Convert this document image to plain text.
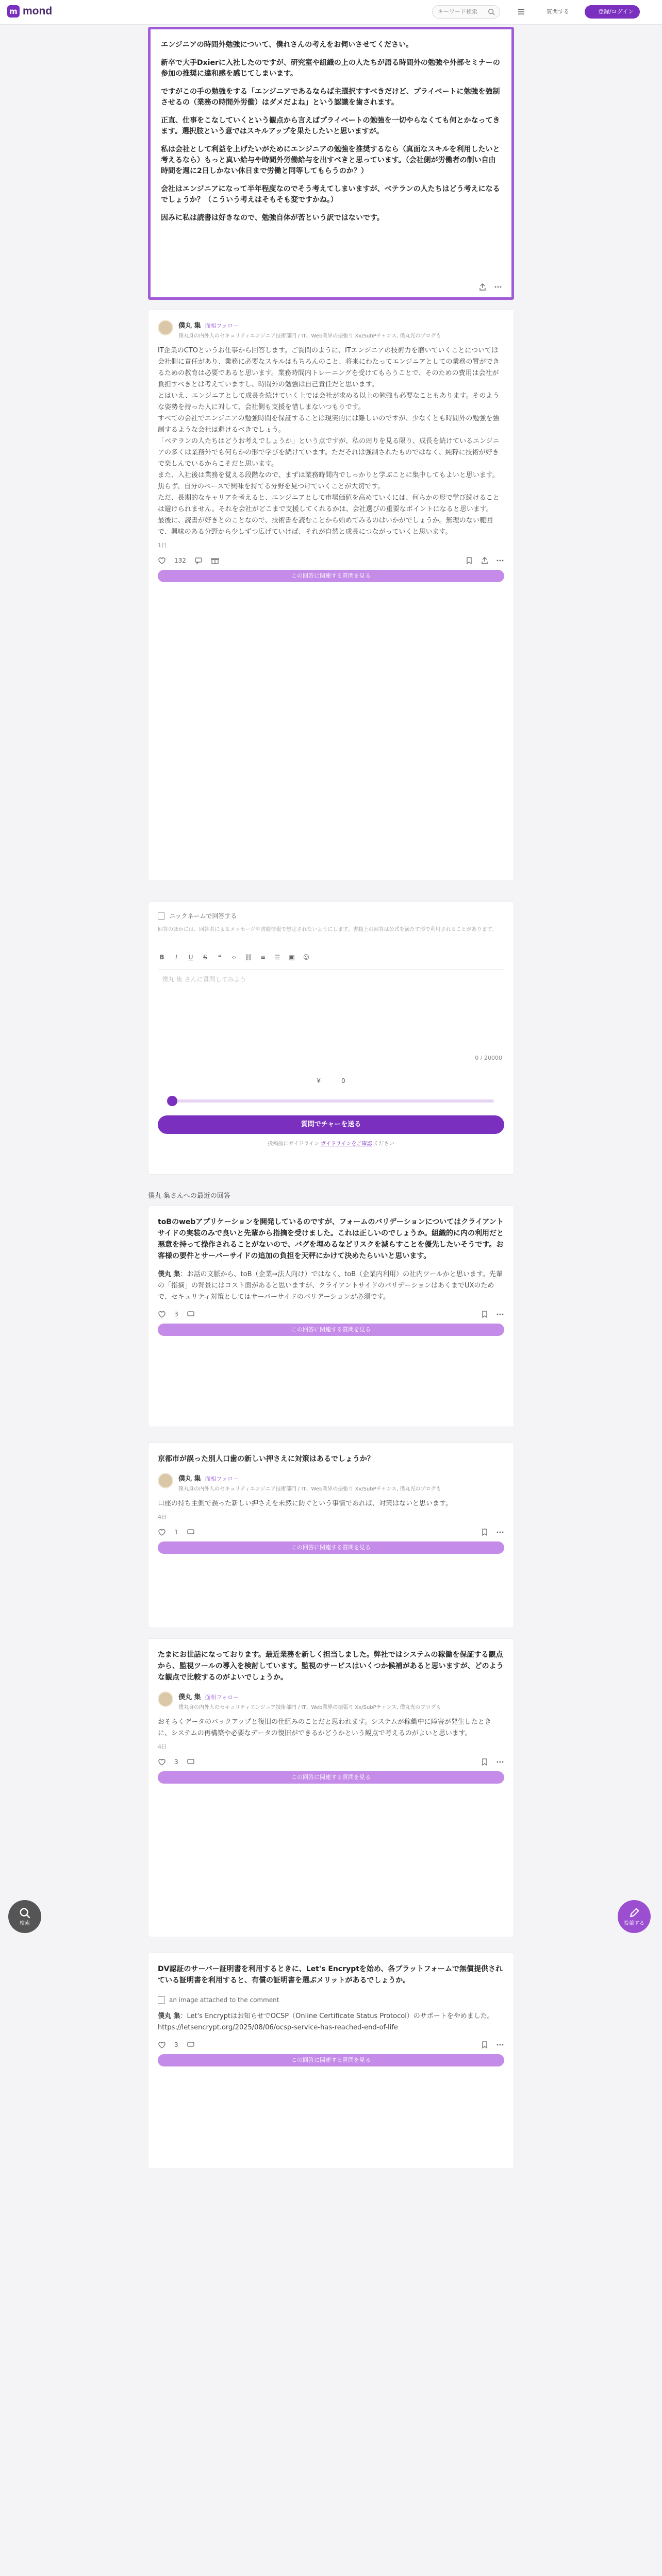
m mond	キーワード検索	質問する	登録/ログイン
エンジニアの時間外勉強について、僕れさんの考えをお伺いさせてください。
新卒で大手Dxierに入社したのですが、研究室や組織の上の人たちが語る時間外の勉強や外部セミナーの参加の推奨に違和感を感じてしまいます。
ですがこの手の勉強をする「エンジニアであるならば主選択すすべきだけど、プライベートに勉強を強制させるの（業務の時間外労働）はダメだよね」という認識を歯されます。
正直、仕事をこなしていくという観点から言えばプライベートの勉強を一切やらなくても何とかなってきます。選択肢という意ではスキルアップを果たしたいと思いますが。
私は会社として利益を上げたいがためにエンジニアの勉強を推奨するなら（真面なスキルを利用したいと考えるなら）もっと真い給与や時間外労働給与を出すべきと思っています。（会社側が労働者の制い自由時間を週に2日しかない休日まで労働と同等してもらうのか？）
会社はエンジニアになって半年程度なのでそう考えてしまいますが、ベテランの人たちはどう考えになるでしょうか？（こういう考えはそもそも変ですかね。）
因みに私は読書は好きなので、勉強自体が苦という訳ではないです。
僕丸 集 面相フォロー
僕丸身の内外人のセキュリティエンジニア技術部門 / IT、Web業界の振張り Xx/SubPチャンス, 僕丸光のブログも

IT企業のCTOというお仕事から回答します。ご質問のように、ITエンジニアの技術力を磨いていくことについては会社側に責任があり、業務に必要なスキルはもちろんのこと、将来にわたってエンジニアとしての業務の質ができるための教育は必要であると思います。業務時間内トレーニングを受けてもらうことで、そのための費用は会社が負担すべきとは考えていますし、時間外の勉強は自己責任だと思います。

とはいえ、エンジニアとして成長を続けていく上では会社が求める以上の勉強も必要なこともあります。そのような姿勢を持った人に対して、会社側も支援を惜しまないつもりです。

すべての会社でエンジニアの勉強時間を保証することは現実的には難しいのですが、少なくとも時間外の勉強を強制するような会社は避けるべきでしょう。

「ベテランの人たちはどうお考えでしょうか」という点ですが、私の周りを見る限り、成長を続けているエンジニアの多くは業務外でも何らかの形で学びを続けています。ただそれは強制されたものではなく、純粋に技術が好きで楽しんでいるからこそだと思います。

また、入社後は業務を覚える段階なので、まずは業務時間内でしっかりと学ぶことに集中してもよいと思います。焦らず、自分のペースで興味を持てる分野を見つけていくことが大切です。

ただ、長期的なキャリアを考えると、エンジニアとして市場価値を高めていくには、何らかの形で学び続けることは避けられません。それを会社がどこまで支援してくれるかは、会社選びの重要なポイントになると思います。

最後に、読書が好きとのことなので、技術書を読むことから始めてみるのはいかがでしょうか。無理のない範囲で、興味のある分野から少しずつ広げていけば、それが自然と成長につながっていくと思います。

1日
132
この回答に関連する質問を見る
ニックネームで回答する
回答のほかには、回答者によるメッセージや書籍情報で想定されないようにします。書籍上の回答は公式を満たす形で利用されることがあります。
B	I	U	S	❝	‹› ⛓ ≡ ☰ ▣ ☺
僕丸 集 さんに質問してみよう
0 / 20000
¥	0
質問でチャーを送る
投稿前にガイドライン ガイドラインをご確認 ください
僕丸 集さんへの最近の回答
toBのwebアプリケーションを開発しているのですが、フォームのバリデーションについてはクライアントサイドの実装のみで良いと先輩から指摘を受けました。これは正しいのでしょうか。組織的に内の利用だと悪意を持って操作されることがないので、バグを埋めるなどリスクを減らすことを優先したいそうです。お客様の要件とサーバーサイドの追加の負担を天秤にかけて決めたらいいと思います。
僕丸 集：お話の文脈から、toB（企業→法人向け）ではなく、toB（企業内利用）の社内ツールかと思います。先輩の「指摘」の背景にはコスト面があると思いますが、クライアントサイドのバリデーションはあくまでUXのためで、セキュリティ対策としてはサーバーサイドのバリデーションが必須です。
3
この回答に関連する質問を見る
京都市が誤った別人口歯の新しい押さえに対策はあるでしょうか？
僕丸 集 面相フォロー
僕丸身の内外人のセキュリティエンジニア技術部門 / IT、Web業界の振張り Xx/SubPチャンス, 僕丸光のブログも
口座の持ち主側で誤った新しい押さえを未然に防ぐという事情であれば、対策はないと思います。
4日
1
この回答に関連する質問を見る
たまにお世話になっております。最近業務を新しく担当しました。弊社ではシステムの稼働を保証する観点から、監視ツールの導入を検討しています。監視のサービスはいくつか候補があると思いますが、どのような観点で比較するのがよいでしょうか。
僕丸 集 面相フォロー
僕丸身の内外人のセキュリティエンジニア技術部門 / IT、Web業界の振張り Xx/SubPチャンス, 僕丸光のブログも
おそらくデータのバックアップと復旧の仕組みのことだと思われます。システムが稼働中に障害が発生したときに、システムの再構築や必要なデータの復旧ができるかどうかという観点で考えるのがよいと思います。
4日
3
この回答に関連する質問を見る
DV認証のサーバー証明書を利用するときに、Let's Encryptを始め、各プラットフォームで無償提供されている証明書を利用すると、有償の証明書を選ぶメリットがあるでしょうか。
an image attached to the comment
僕丸 集：Let's Encryptはお知らせでOCSP（Online Certificate Status Protocol）のサポートをやめました。https://letsencrypt.org/2025/08/06/ocsp-service-has-reached-end-of-life
3
この回答に関連する質問を見る
検索	投稿する
